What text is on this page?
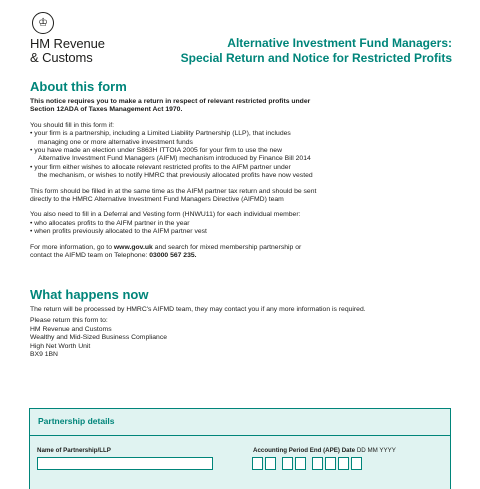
♔
HM Revenue
& Customs
Alternative Investment Fund Managers:
Special Return and Notice for Restricted Profits
About this form

This notice requires you to make a return in respect of relevant restricted profits under

Section 12ADA of Taxes Management Act 1970.

You should fill in this form if:

• your firm is a partnership, including a Limited Liability Partnership (LLP), that includes

managing one or more alternative investment funds

• you have made an election under S863H ITTOIA 2005 for your firm to use the new

Alternative Investment Fund Managers (AIFM) mechanism introduced by Finance Bill 2014

• your firm either wishes to allocate relevant restricted profits to the AIFM partner under

the mechanism, or wishes to notify HMRC that previously allocated profits have now vested

This form should be filled in at the same time as the AIFM partner tax return and should be sent

directly to the HMRC Alternative Investment Fund Managers Directive (AIFMD) team

You also need to fill in a Deferral and Vesting form (HNWU11) for each individual member:

• who allocates profits to the AIFM partner in the year

• when profits previously allocated to the AIFM partner vest

For more information, go to www.gov.uk and search for mixed membership partnership or

contact the AIFMD team on Telephone: 03000 567 235.

What happens now

The return will be processed by HMRC's AIFMD team, they may contact you if any more information is required.

Please return this form to:

HM Revenue and Customs

Wealthy and Mid-Sized Business Compliance

High Net Worth Unit

BX9 1BN

Partnership details
Name of Partnership/LLP	Accounting Period End (APE) Date DD MM YYYY
